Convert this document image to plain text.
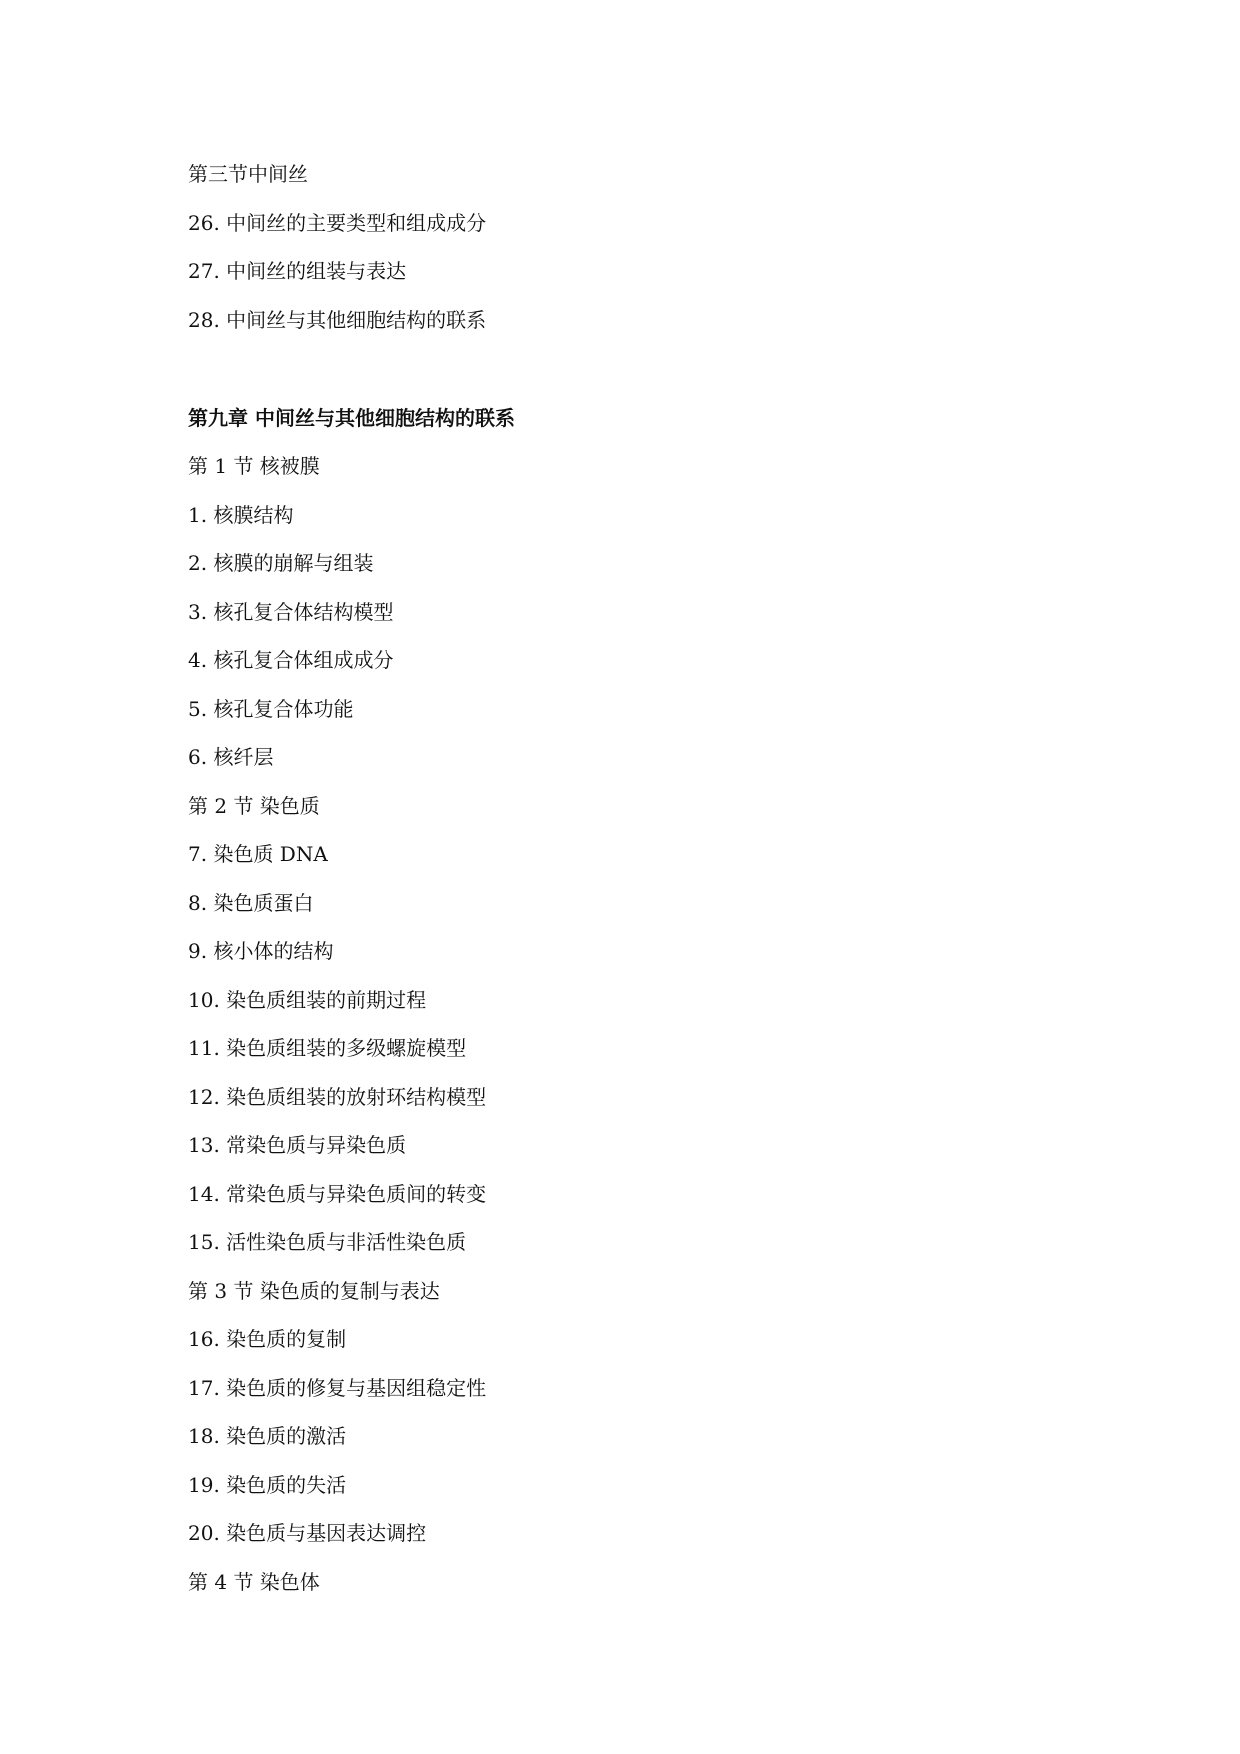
第三节中间丝
26. 中间丝的主要类型和组成成分
27. 中间丝的组装与表达
28. 中间丝与其他细胞结构的联系
第九章 中间丝与其他细胞结构的联系
第 1 节 核被膜
1. 核膜结构
2. 核膜的崩解与组装
3. 核孔复合体结构模型
4. 核孔复合体组成成分
5. 核孔复合体功能
6. 核纤层
第 2 节 染色质
7. 染色质 DNA
8. 染色质蛋白
9. 核小体的结构
10. 染色质组装的前期过程
11. 染色质组装的多级螺旋模型
12. 染色质组装的放射环结构模型
13. 常染色质与异染色质
14. 常染色质与异染色质间的转变
15. 活性染色质与非活性染色质
第 3 节 染色质的复制与表达
16. 染色质的复制
17. 染色质的修复与基因组稳定性
18. 染色质的激活
19. 染色质的失活
20. 染色质与基因表达调控
第 4 节 染色体
